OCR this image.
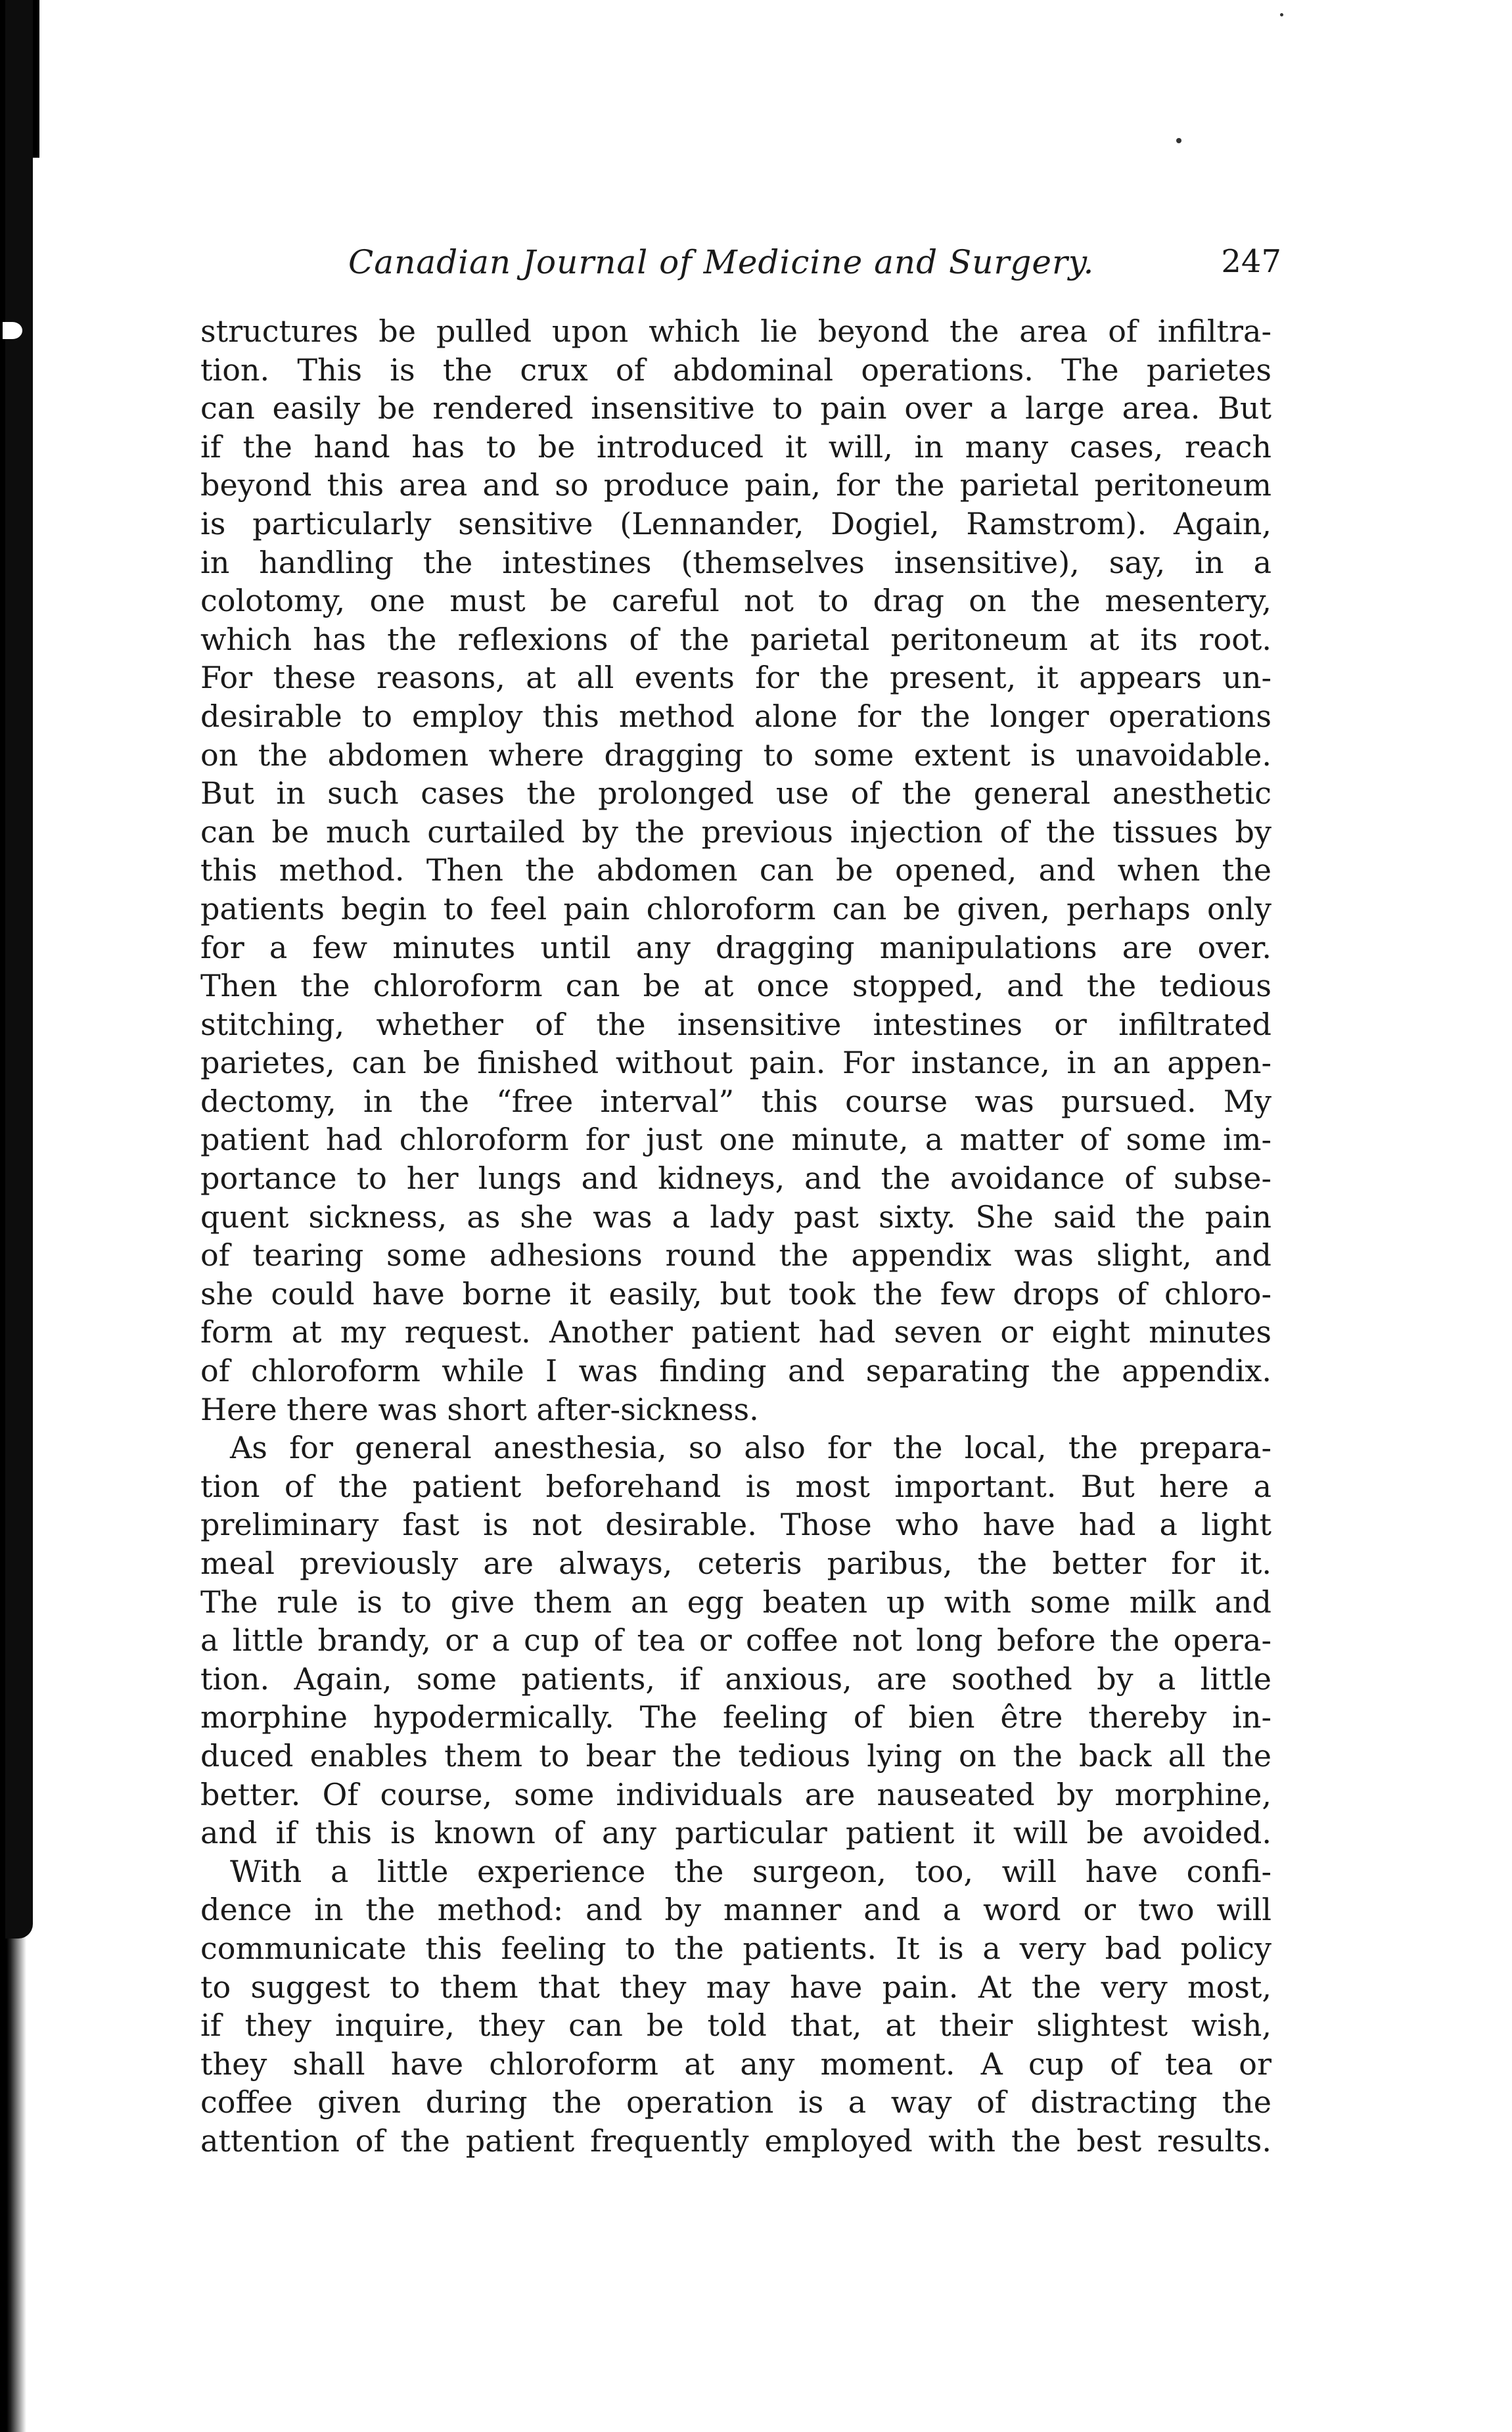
Canadian Journal of Medicine and Surgery.	247
structures be pulled upon which lie beyond the area of infiltra-
tion. This is the crux of abdominal operations. The parietes
can easily be rendered insensitive to pain over a large area. But
if the hand has to be introduced it will, in many cases, reach
beyond this area and so produce pain, for the parietal peritoneum
is particularly sensitive (Lennander, Dogiel, Ramstrom). Again,
in handling the intestines (themselves insensitive), say, in a
colotomy, one must be careful not to drag on the mesentery,
which has the reflexions of the parietal peritoneum at its root.
For these reasons, at all events for the present, it appears un-
desirable to employ this method alone for the longer operations
on the abdomen where dragging to some extent is unavoidable.
But in such cases the prolonged use of the general anesthetic
can be much curtailed by the previous injection of the tissues by
this method. Then the abdomen can be opened, and when the
patients begin to feel pain chloroform can be given, perhaps only
for a few minutes until any dragging manipulations are over.
Then the chloroform can be at once stopped, and the tedious
stitching, whether of the insensitive intestines or infiltrated
parietes, can be finished without pain. For instance, in an appen-
dectomy, in the “free interval” this course was pursued. My
patient had chloroform for just one minute, a matter of some im-
portance to her lungs and kidneys, and the avoidance of subse-
quent sickness, as she was a lady past sixty. She said the pain
of tearing some adhesions round the appendix was slight, and
she could have borne it easily, but took the few drops of chloro-
form at my request. Another patient had seven or eight minutes
of chloroform while I was finding and separating the appendix.
Here there was short after-sickness.
As for general anesthesia, so also for the local, the prepara-
tion of the patient beforehand is most important. But here a
preliminary fast is not desirable. Those who have had a light
meal previously are always, ceteris paribus, the better for it.
The rule is to give them an egg beaten up with some milk and
a little brandy, or a cup of tea or coffee not long before the opera-
tion. Again, some patients, if anxious, are soothed by a little
morphine hypodermically. The feeling of bien être thereby in-
duced enables them to bear the tedious lying on the back all the
better. Of course, some individuals are nauseated by morphine,
and if this is known of any particular patient it will be avoided.
With a little experience the surgeon, too, will have confi-
dence in the method: and by manner and a word or two will
communicate this feeling to the patients. It is a very bad policy
to suggest to them that they may have pain. At the very most,
if they inquire, they can be told that, at their slightest wish,
they shall have chloroform at any moment. A cup of tea or
coffee given during the operation is a way of distracting the
attention of the patient frequently employed with the best results.
